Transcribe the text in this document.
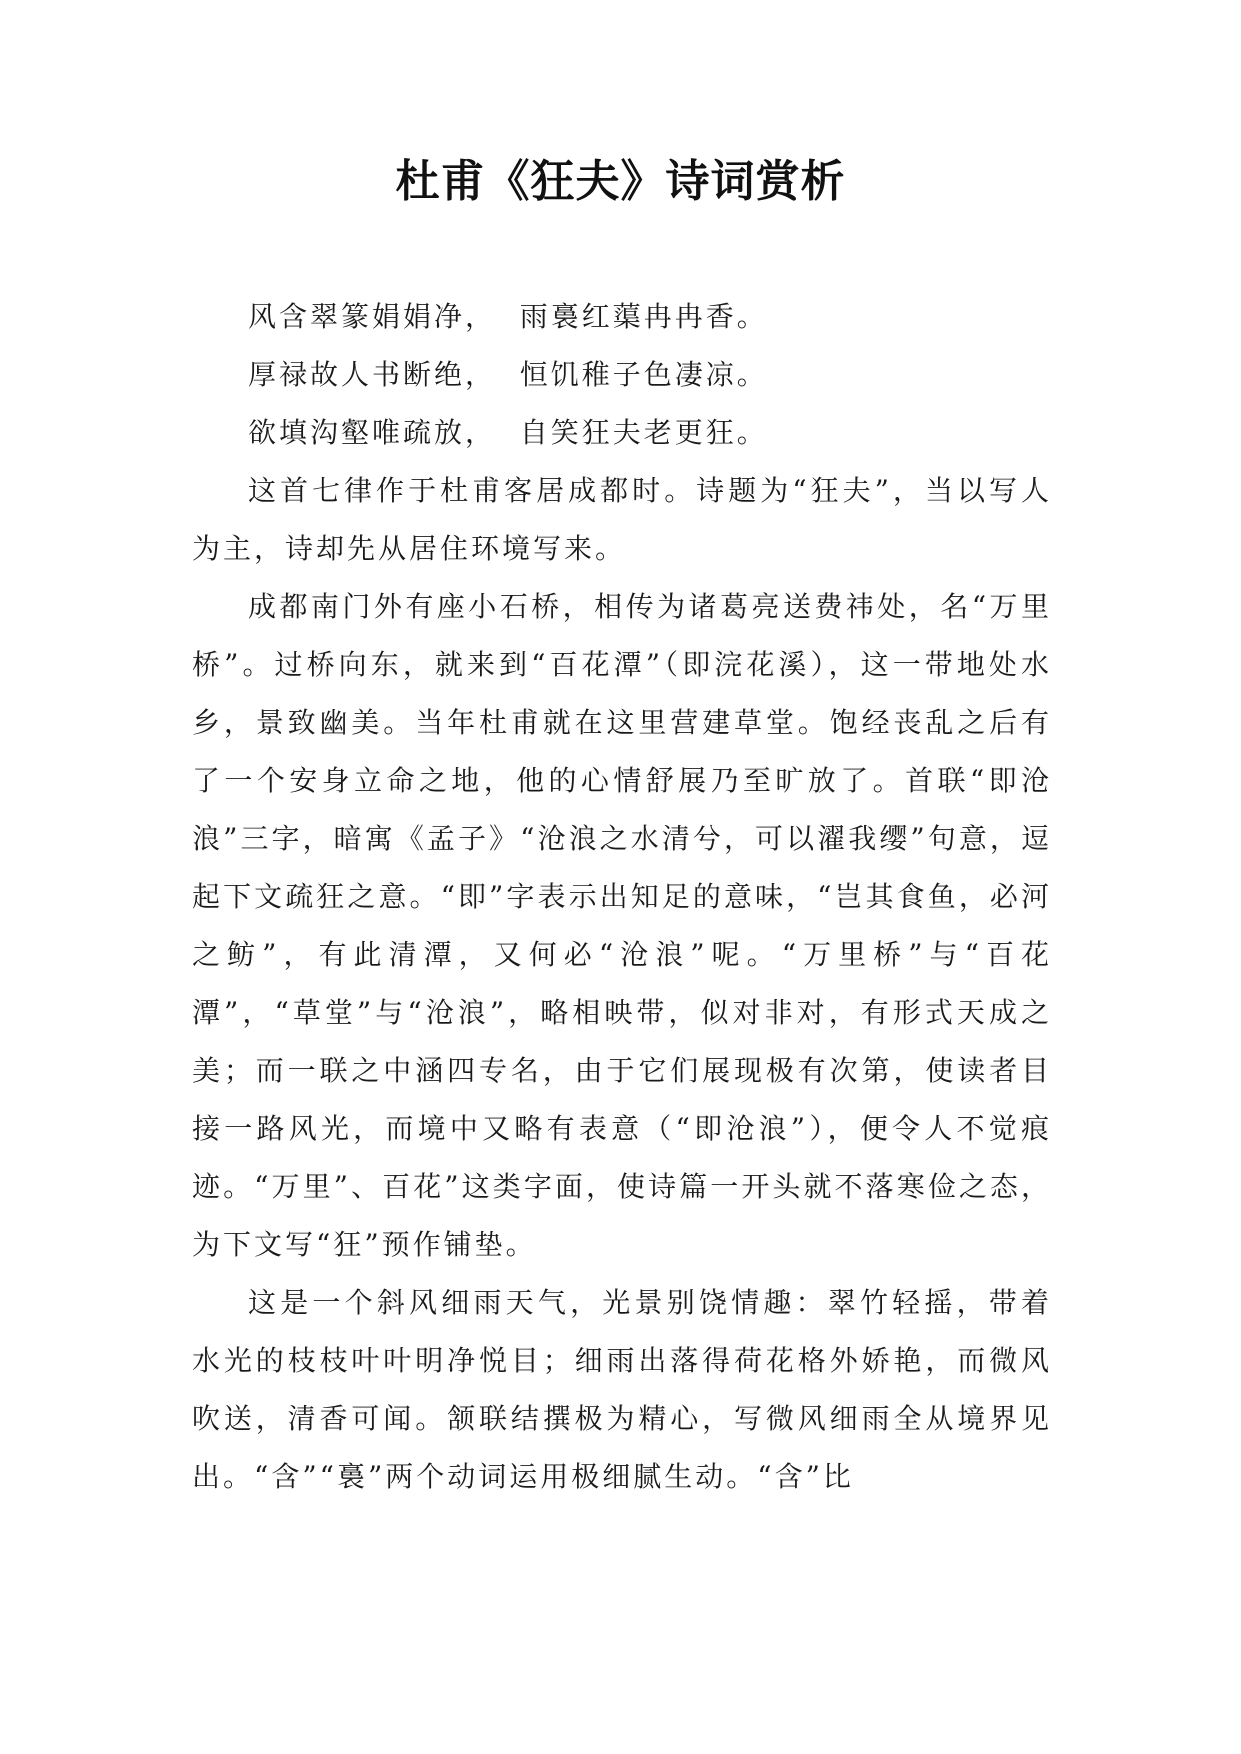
杜甫《狂夫》诗词赏析

风含翠篆娟娟净，  雨裛红蕖冉冉香。

厚禄故人书断绝，  恒饥稚子色凄凉。

欲填沟壑唯疏放，  自笑狂夫老更狂。

这首七律作于杜甫客居成都时。诗题为“狂夫”，当以写人为主，诗却先从居住环境写来。

成都南门外有座小石桥，相传为诸葛亮送费祎处，名“万里桥”。过桥向东，就来到“百花潭”（即浣花溪），这一带地处水乡，景致幽美。当年杜甫就在这里营建草堂。饱经丧乱之后有了一个安身立命之地，他的心情舒展乃至旷放了。首联“即沧浪”三字，暗寓《孟子》“沧浪之水清兮，可以濯我缨”句意，逗起下文疏狂之意。“即”字表示出知足的意味，“岂其食鱼，必河之鲂”，有此清潭，又何必“沧浪”呢。“万里桥”与“百花潭”，“草堂”与“沧浪”，略相映带，似对非对，有形式天成之美；而一联之中涵四专名，由于它们展现极有次第，使读者目接一路风光，而境中又略有表意（“即沧浪”），便令人不觉痕迹。“万里”、百花”这类字面，使诗篇一开头就不落寒俭之态，为下文写“狂”预作铺垫。

这是一个斜风细雨天气，光景别饶情趣：翠竹轻摇，带着水光的枝枝叶叶明净悦目；细雨出落得荷花格外娇艳，而微风吹送，清香可闻。颔联结撰极为精心，写微风细雨全从境界见出。“含”“裛”两个动词运用极细腻生动。“含”比
